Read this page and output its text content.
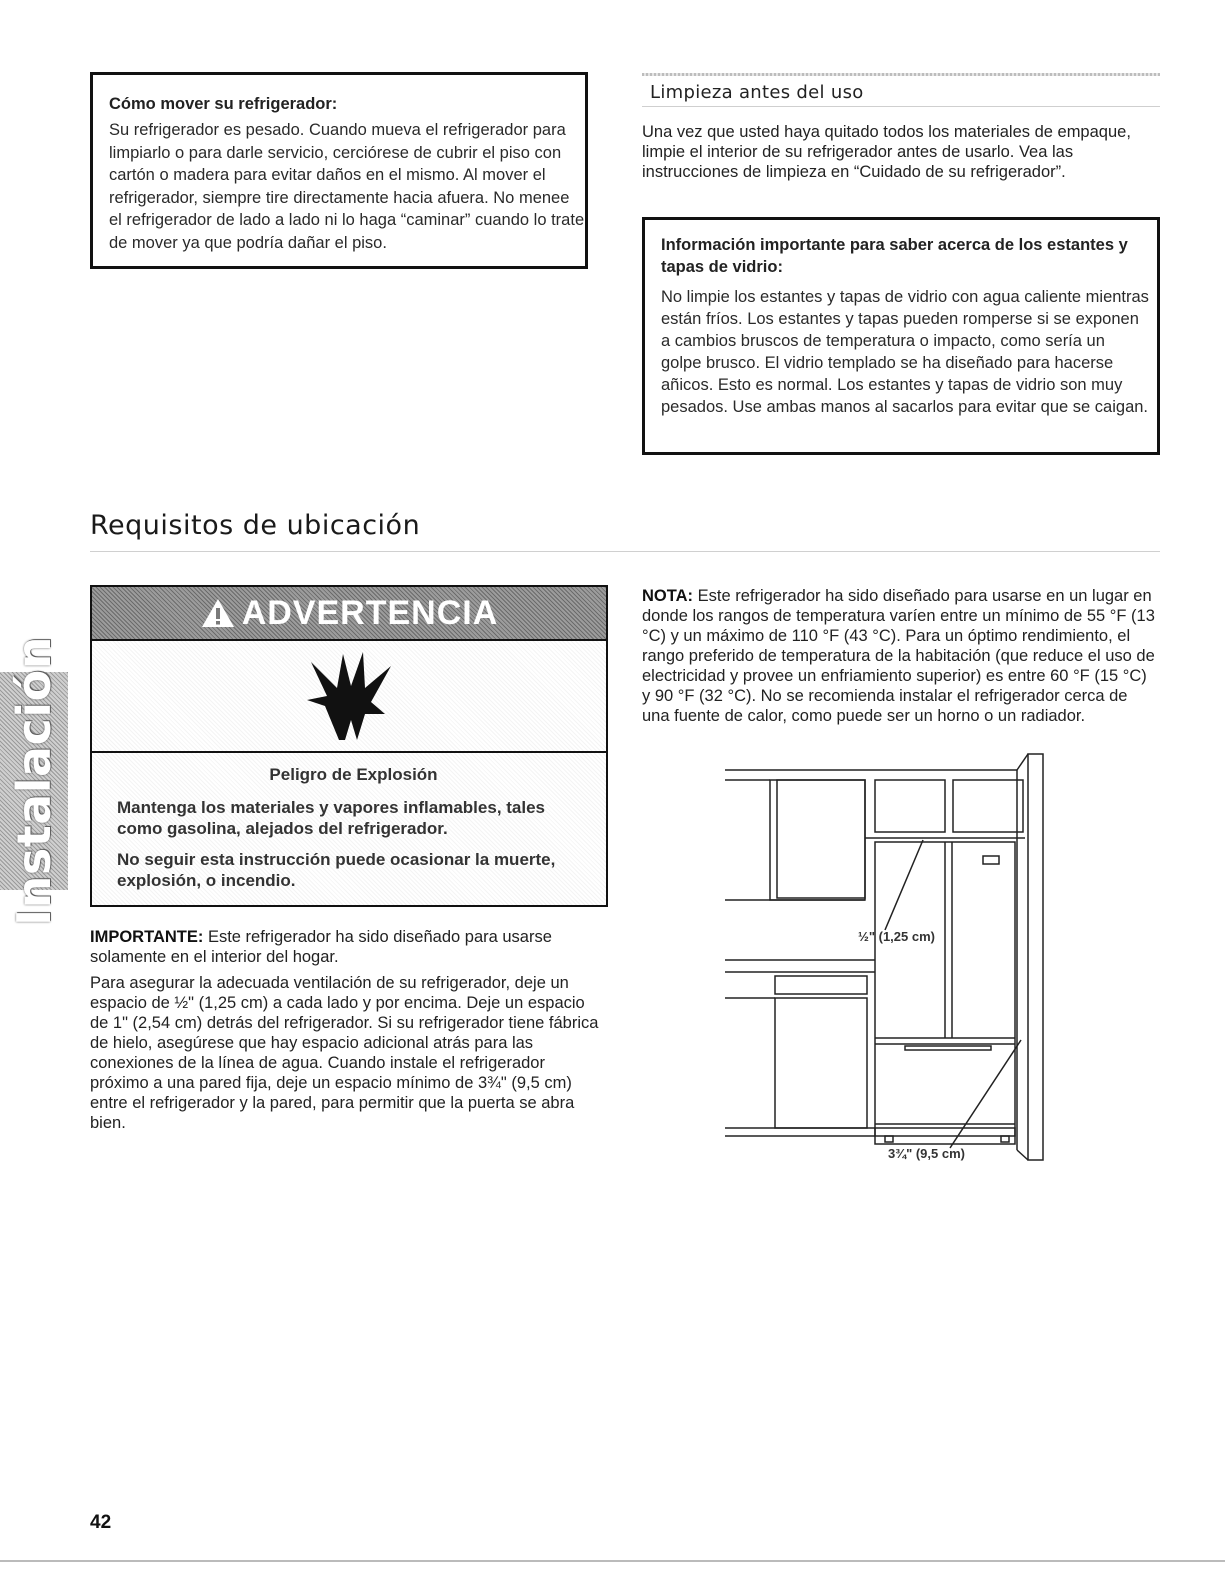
Cómo mover su refrigerador:

Su refrigerador es pesado. Cuando mueva el refrigerador para limpiarlo o para darle servicio, cerciórese de cubrir el piso con cartón o madera para evitar daños en el mismo. Al mover el refrigerador, siempre tire directamente hacia afuera. No menee el refrigerador de lado a lado ni lo haga “caminar” cuando lo trate de mover ya que podría dañar el piso.

Limpieza antes del uso

Una vez que usted haya quitado todos los materiales de empaque, limpie el interior de su refrigerador antes de usarlo. Vea las instrucciones de limpieza en “Cuidado de su refrigerador”.

Información importante para saber acerca de los estantes y tapas de vidrio:

No limpie los estantes y tapas de vidrio con agua caliente mientras están fríos. Los estantes y tapas pueden romperse si se exponen a cambios bruscos de temperatura o impacto, como sería un golpe brusco. El vidrio templado se ha diseñado para hacerse añicos. Esto es normal. Los estantes y tapas de vidrio son muy pesados. Use ambas manos al sacarlos para evitar que se caigan.

Requisitos de ubicación
Instalación
ADVERTENCIA

Peligro de Explosión

Mantenga los materiales y vapores inflamables, tales como gasolina, alejados del refrigerador.

No seguir esta instrucción puede ocasionar la muerte, explosión, o incendio.

IMPORTANTE: Este refrigerador ha sido diseñado para usarse solamente en el interior del hogar.

Para asegurar la adecuada ventilación de su refrigerador, deje un espacio de ½" (1,25 cm) a cada lado y por encima. Deje un espacio de 1" (2,54 cm) detrás del refrigerador. Si su refrigerador tiene fábrica de hielo, asegúrese que hay espacio adicional atrás para las conexiones de la línea de agua. Cuando instale el refrigerador próximo a una pared fija, deje un espacio mínimo de 3¾" (9,5 cm) entre el refrigerador y la pared, para permitir que la puerta se abra bien.

NOTA: Este refrigerador ha sido diseñado para usarse en un lugar en donde los rangos de temperatura varíen entre un mínimo de 55 °F (13 °C) y un máximo de 110 °F (43 °C). Para un óptimo rendimiento, el rango preferido de temperatura de la habitación (que reduce el uso de electricidad y provee un enfriamiento superior) es entre 60 °F (15 °C) y 90 °F (32 °C). No se recomienda instalar el refrigerador cerca de una fuente de calor, como puede ser un horno o un radiador.

½" (1,25 cm)
3¾" (9,5 cm)
42
